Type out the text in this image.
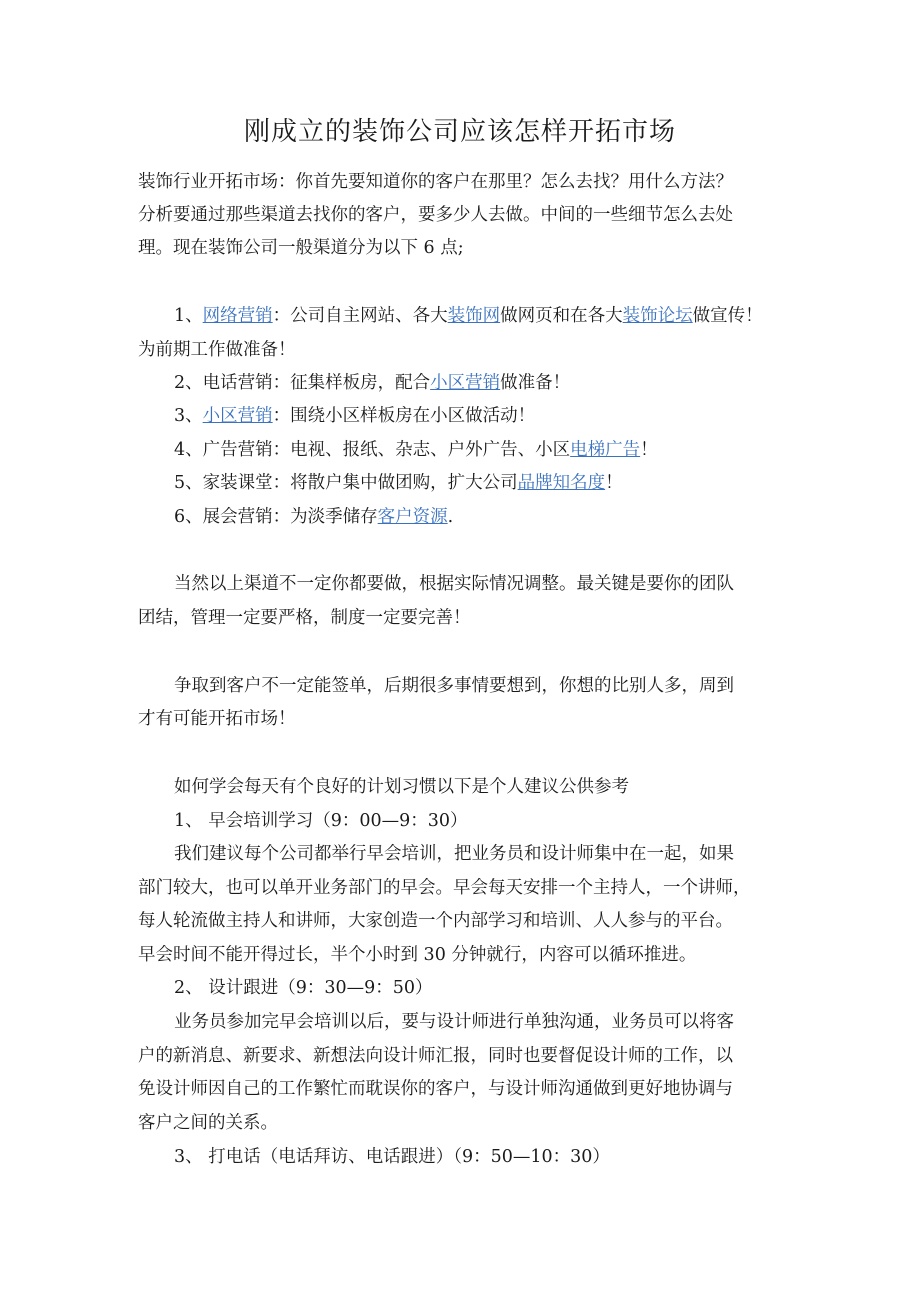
刚成立的装饰公司应该怎样开拓市场

装饰行业开拓市场：你首先要知道你的客户在那里？怎么去找？用什么方法？

分析要通过那些渠道去找你的客户，要多少人去做。中间的一些细节怎么去处

理。现在装饰公司一般渠道分为以下 6 点;

1、网络营销：公司自主网站、各大装饰网做网页和在各大装饰论坛做宣传！

为前期工作做准备！

2、电话营销：征集样板房，配合小区营销做准备！

3、小区营销：围绕小区样板房在小区做活动！

4、广告营销：电视、报纸、杂志、户外广告、小区电梯广告！

5、家装课堂：将散户集中做团购，扩大公司品牌知名度！

6、展会营销：为淡季储存客户资源.

当然以上渠道不一定你都要做，根据实际情况调整。最关键是要你的团队

团结，管理一定要严格，制度一定要完善！

争取到客户不一定能签单，后期很多事情要想到，你想的比别人多，周到

才有可能开拓市场！

如何学会每天有个良好的计划习惯以下是个人建议公供参考

1、 早会培训学习（9：00—9：30）

我们建议每个公司都举行早会培训，把业务员和设计师集中在一起，如果

部门较大，也可以单开业务部门的早会。早会每天安排一个主持人，一个讲师，

每人轮流做主持人和讲师，大家创造一个内部学习和培训、人人参与的平台。

早会时间不能开得过长，半个小时到 30 分钟就行，内容可以循环推进。

2、 设计跟进（9：30—9：50）

业务员参加完早会培训以后，要与设计师进行单独沟通，业务员可以将客

户的新消息、新要求、新想法向设计师汇报，同时也要督促设计师的工作，以

免设计师因自己的工作繁忙而耽误你的客户，与设计师沟通做到更好地协调与

客户之间的关系。

3、 打电话（电话拜访、电话跟进）（9：50—10：30）
